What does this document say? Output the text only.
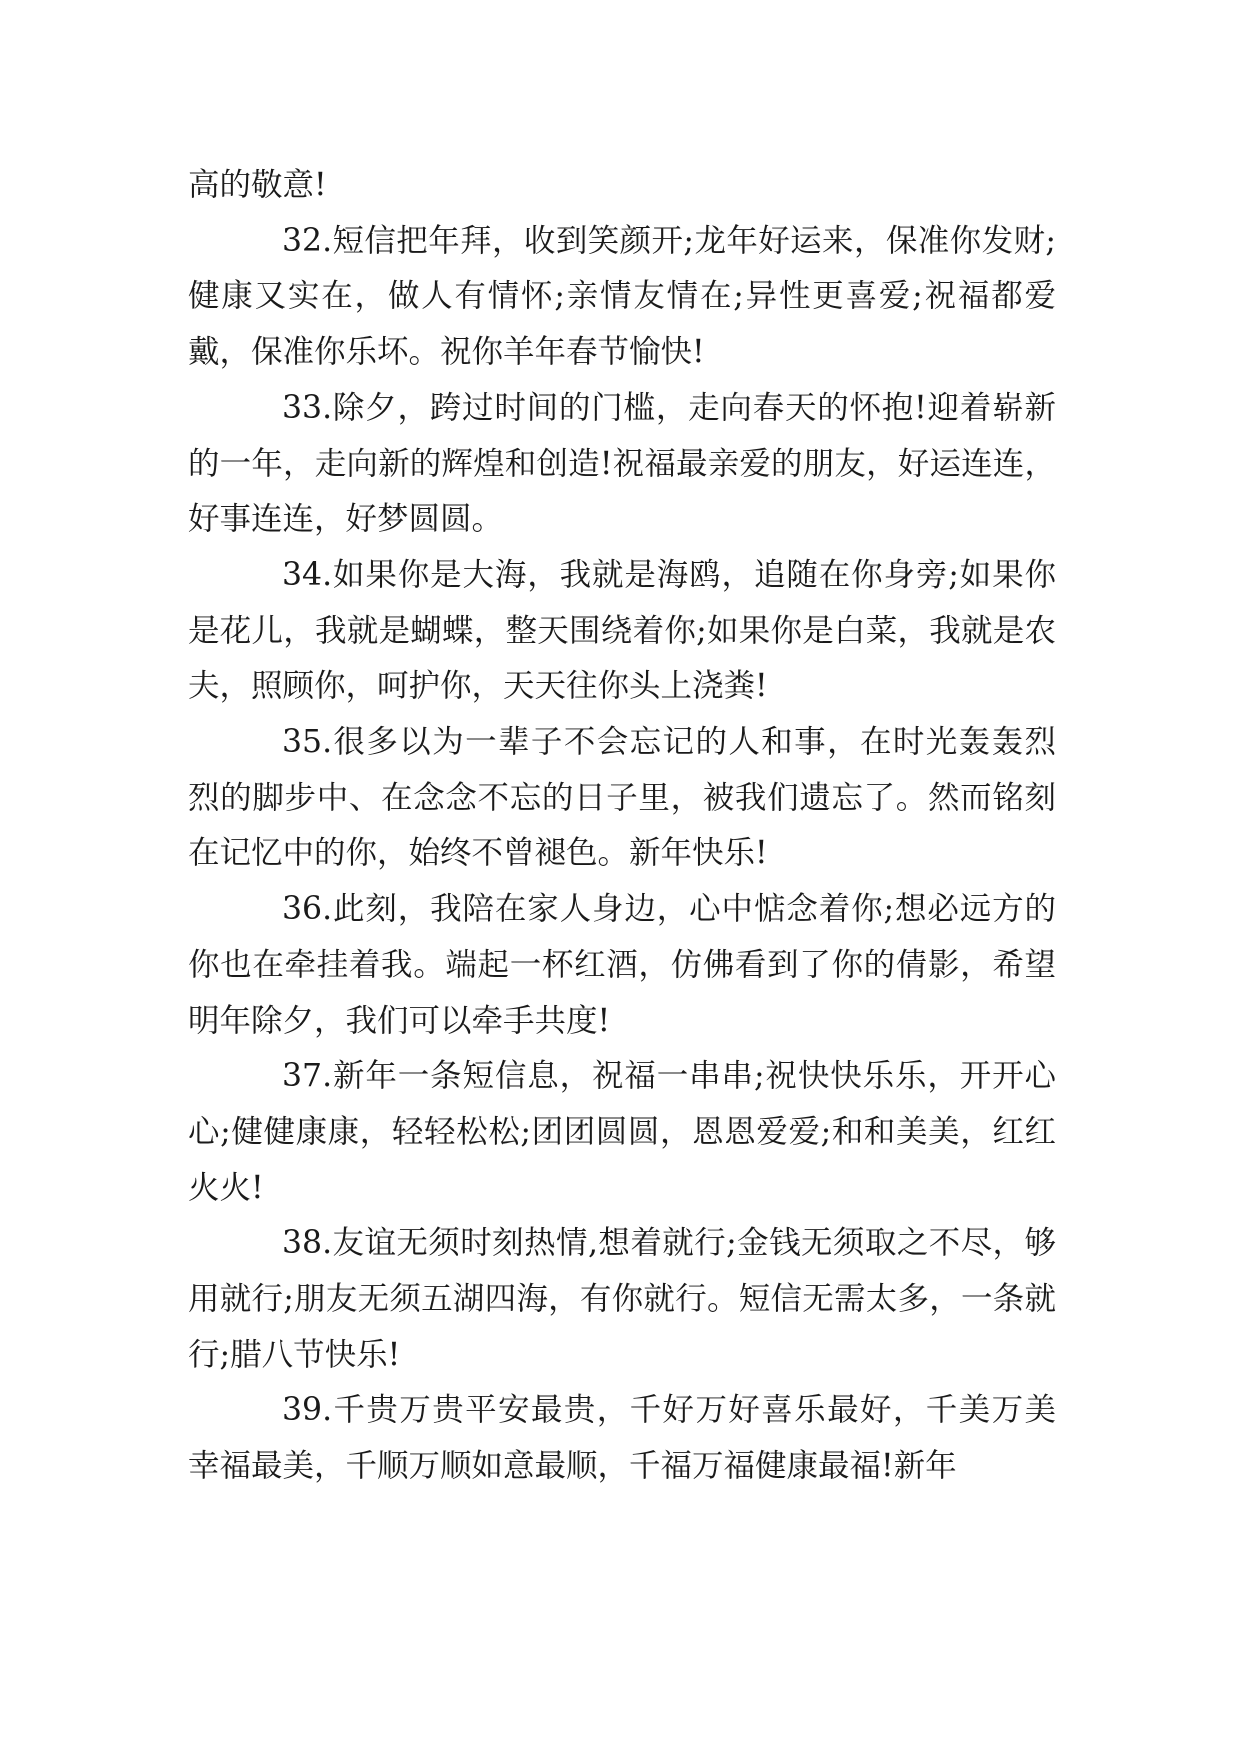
高的敬意!

32.短信把年拜，收到笑颜开;龙年好运来，保准你发财;健康又实在，做人有情怀;亲情友情在;异性更喜爱;祝福都爱戴，保准你乐坏。祝你羊年春节愉快!

33.除夕，跨过时间的门槛，走向春天的怀抱!迎着崭新的一年，走向新的辉煌和创造!祝福最亲爱的朋友，好运连连，好事连连，好梦圆圆。

34.如果你是大海，我就是海鸥，追随在你身旁;如果你是花儿，我就是蝴蝶，整天围绕着你;如果你是白菜，我就是农夫，照顾你，呵护你，天天往你头上浇粪!

35.很多以为一辈子不会忘记的人和事，在时光轰轰烈烈的脚步中、在念念不忘的日子里，被我们遗忘了。然而铭刻在记忆中的你，始终不曾褪色。新年快乐!

36.此刻，我陪在家人身边，心中惦念着你;想必远方的你也在牵挂着我。端起一杯红酒，仿佛看到了你的倩影，希望明年除夕，我们可以牵手共度!

37.新年一条短信息，祝福一串串;祝快快乐乐，开开心心;健健康康，轻轻松松;团团圆圆，恩恩爱爱;和和美美，红红火火!

38.友谊无须时刻热情,想着就行;金钱无须取之不尽，够用就行;朋友无须五湖四海，有你就行。短信无需太多，一条就行;腊八节快乐!

39.千贵万贵平安最贵，千好万好喜乐最好，千美万美幸福最美，千顺万顺如意最顺，千福万福健康最福!新年
